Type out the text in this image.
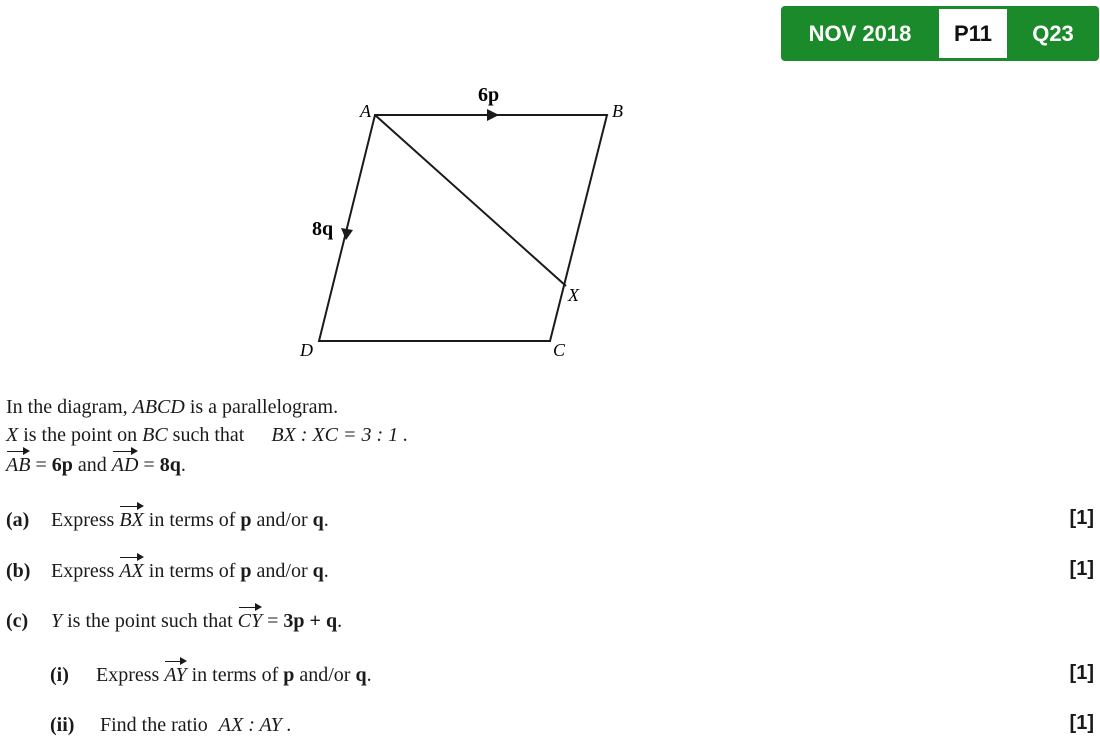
NOV 2018	P11	Q23
A	B
C
D
X
6p
8q
In the diagram, ABCD is a parallelogram.
X is the point on BC such that BX : XC = 3 : 1 .
AB = 6p and AD = 8q.
(a) Express BX in terms of p and/or q.	[1]
(b) Express AX in terms of p and/or q.	[1]
(c) Y is the point such that CY = 3p + q.
(i) Express AY in terms of p and/or q.	[1]
(ii) Find the ratio AX : AY .	[1]
